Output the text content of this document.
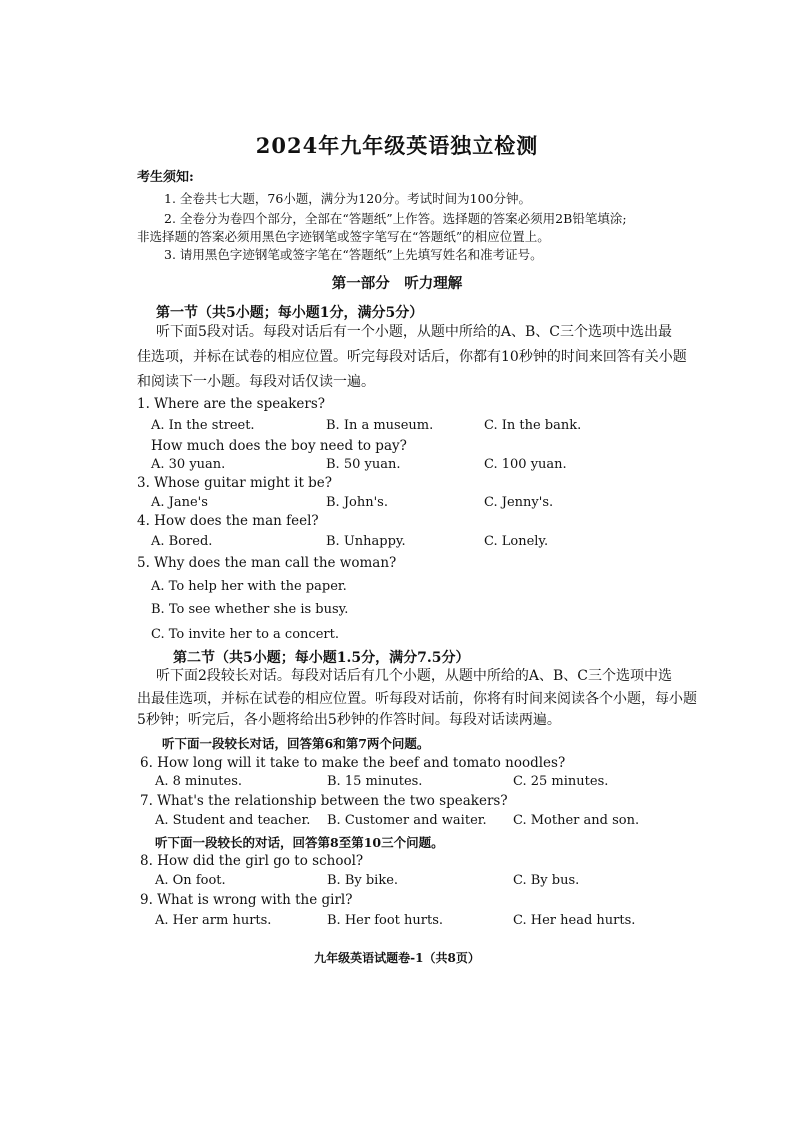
2024年九年级英语独立检测
考生须知:
1. 全卷共七大题，76小题，满分为120分。考试时间为100分钟。
2. 全卷分为卷四个部分，全部在“答题纸”上作答。选择题的答案必须用2B铅笔填涂;
非选择题的答案必须用黑色字迹钢笔或签字笔写在“答题纸”的相应位置上。
3. 请用黑色字迹钢笔或签字笔在“答题纸”上先填写姓名和准考证号。
第一部分　听力理解
第一节（共5小题；每小题1分，满分5分）
听下面5段对话。每段对话后有一个小题，从题中所给的A、B、C三个选项中选出最
佳选项，并标在试卷的相应位置。听完每段对话后，你都有10秒钟的时间来回答有关小题
和阅读下一小题。每段对话仅读一遍。
1. Where are the speakers?
A. In the street.	B. In a museum.	C. In the bank.
How much does the boy need to pay?
A. 30 yuan.	B. 50 yuan.	C. 100 yuan.
3. Whose guitar might it be?
A. Jane's	B. John's.	C. Jenny's.
4. How does the man feel?
A. Bored.	B. Unhappy.	C. Lonely.
5. Why does the man call the woman?
A. To help her with the paper.
B. To see whether she is busy.
C. To invite her to a concert.
第二节（共5小题；每小题1.5分，满分7.5分）
听下面2段较长对话。每段对话后有几个小题，从题中所给的A、B、C三个选项中选
出最佳选项，并标在试卷的相应位置。听每段对话前，你将有时间来阅读各个小题，每小题
5秒钟；听完后，各小题将给出5秒钟的作答时间。每段对话读两遍。
听下面一段较长对话，回答第6和第7两个问题。
6. How long will it take to make the beef and tomato noodles?
A. 8 minutes.	B. 15 minutes.	C. 25 minutes.
7. What's the relationship between the two speakers?
A. Student and teacher. B. Customer and waiter. C. Mother and son.
听下面一段较长的对话，回答第8至第10三个问题。
8. How did the girl go to school?
A. On foot.	B. By bike.	C. By bus.
9. What is wrong with the girl?
A. Her arm hurts.	B. Her foot hurts.	C. Her head hurts.
九年级英语试题卷-1（共8页）
